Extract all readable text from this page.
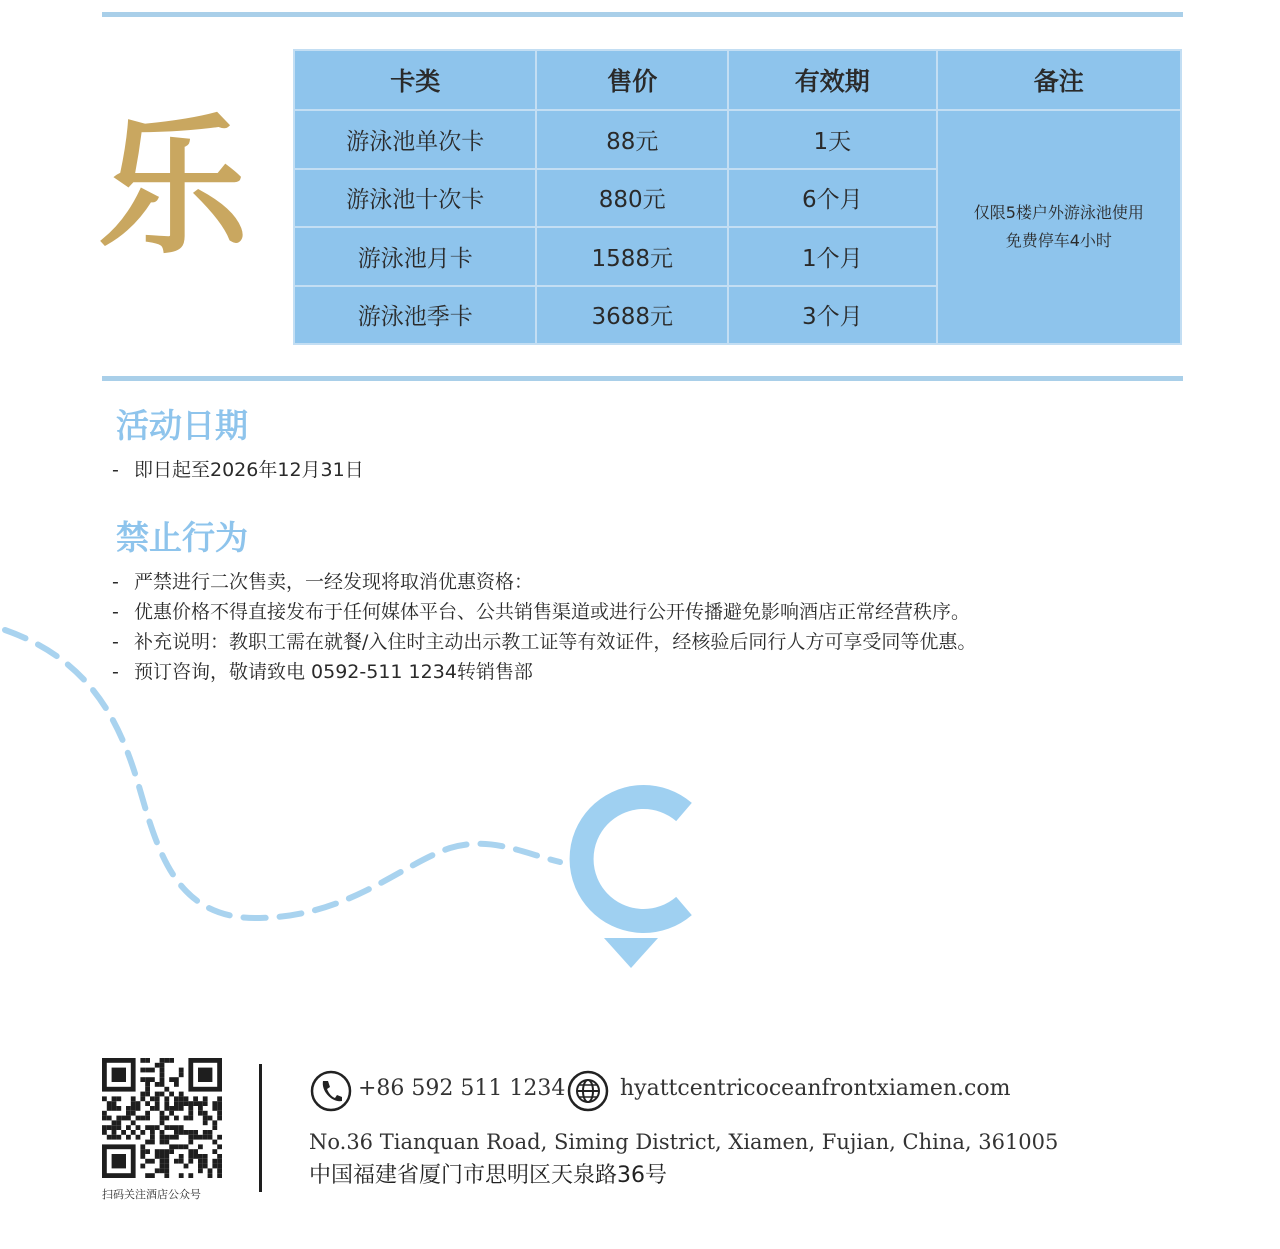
乐
卡类	售价	有效期	备注
游泳池单次卡	88元	1天	仅限5楼户外游泳池使用
免费停车4小时

游泳池十次卡	880元	6个月	
游泳池月卡	1588元	1个月	
游泳池季卡	3688元	3个月	
活动日期
- 即日起至2026年12月31日
禁止行为
- 严禁进行二次售卖，一经发现将取消优惠资格：
- 优惠价格不得直接发布于任何媒体平台、公共销售渠道或进行公开传播避免影响酒店正常经营秩序。
- 补充说明：教职工需在就餐/入住时主动出示教工证等有效证件，经核验后同行人方可享受同等优惠。
- 预订咨询，敬请致电 0592-511 1234转销售部
扫码关注酒店公众号
+86 592 511 1234 hyattcentricoceanfrontxiamen.com
No.36 Tianquan Road, Siming District, Xiamen, Fujian, China, 361005
中国福建省厦门市思明区天泉路36号
